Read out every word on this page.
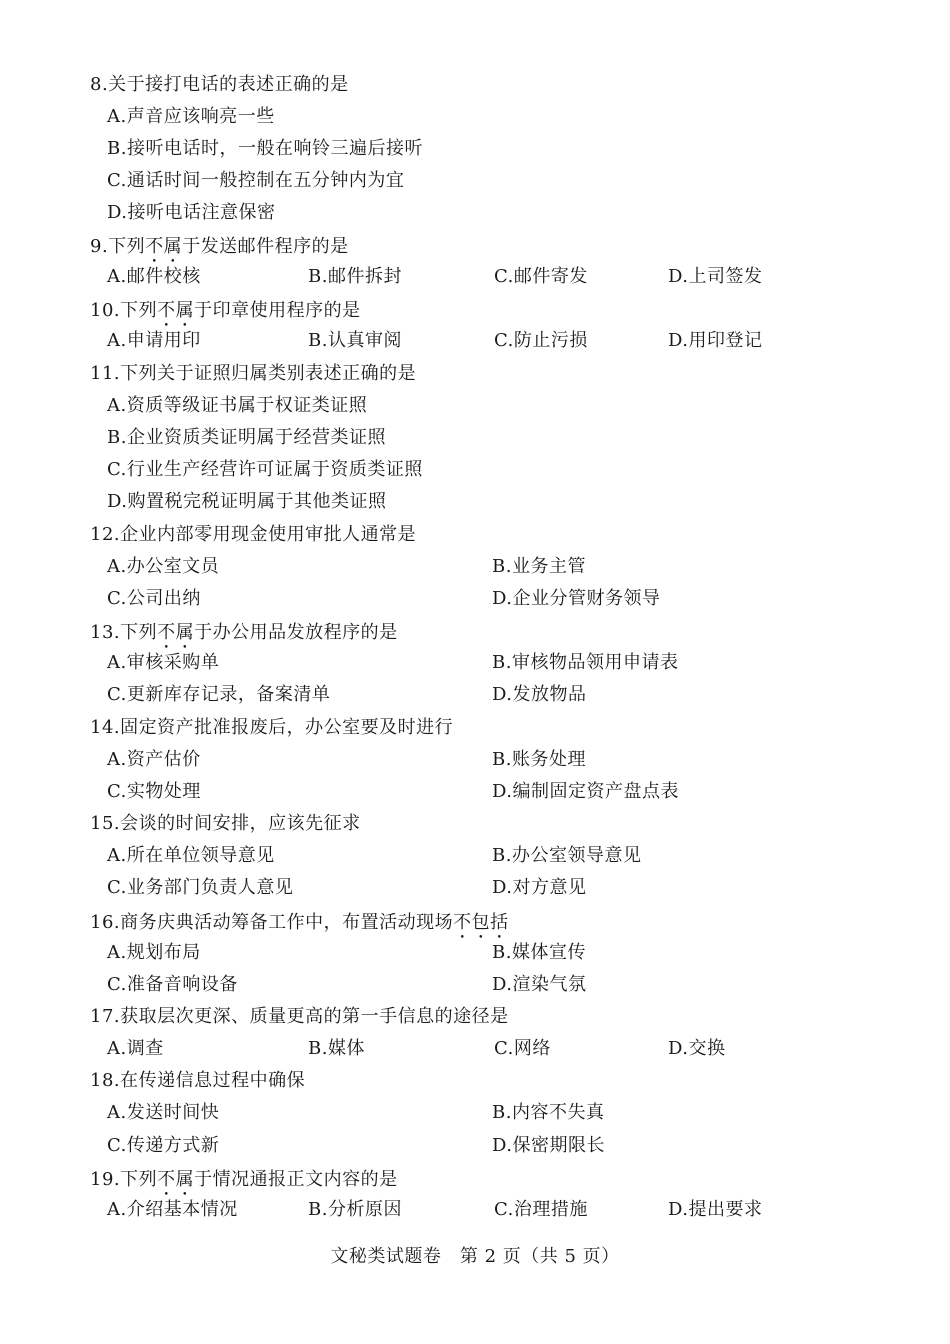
8.关于接打电话的表述正确的是
A.声音应该响亮一些
B.接听电话时，一般在响铃三遍后接听
C.通话时间一般控制在五分钟内为宜
D.接听电话注意保密
9.下列不属于发送邮件程序的是
A.邮件校核	B.邮件拆封	C.邮件寄发	D.上司签发
10.下列不属于印章使用程序的是
A.申请用印	B.认真审阅	C.防止污损	D.用印登记
11.下列关于证照归属类别表述正确的是
A.资质等级证书属于权证类证照
B.企业资质类证明属于经营类证照
C.行业生产经营许可证属于资质类证照
D.购置税完税证明属于其他类证照
12.企业内部零用现金使用审批人通常是
A.办公室文员	B.业务主管
C.公司出纳	D.企业分管财务领导
13.下列不属于办公用品发放程序的是
A.审核采购单	B.审核物品领用申请表
C.更新库存记录，备案清单	D.发放物品
14.固定资产批准报废后，办公室要及时进行
A.资产估价	B.账务处理
C.实物处理	D.编制固定资产盘点表
15.会谈的时间安排，应该先征求
A.所在单位领导意见	B.办公室领导意见
C.业务部门负责人意见	D.对方意见
16.商务庆典活动筹备工作中，布置活动现场不包括
A.规划布局	B.媒体宣传
C.准备音响设备	D.渲染气氛
17.获取层次更深、质量更高的第一手信息的途径是
A.调查	B.媒体	C.网络	D.交换
18.在传递信息过程中确保
A.发送时间快	B.内容不失真
C.传递方式新	D.保密期限长
19.下列不属于情况通报正文内容的是
A.介绍基本情况	B.分析原因	C.治理措施	D.提出要求
文秘类试题卷　第 2 页（共 5 页）
